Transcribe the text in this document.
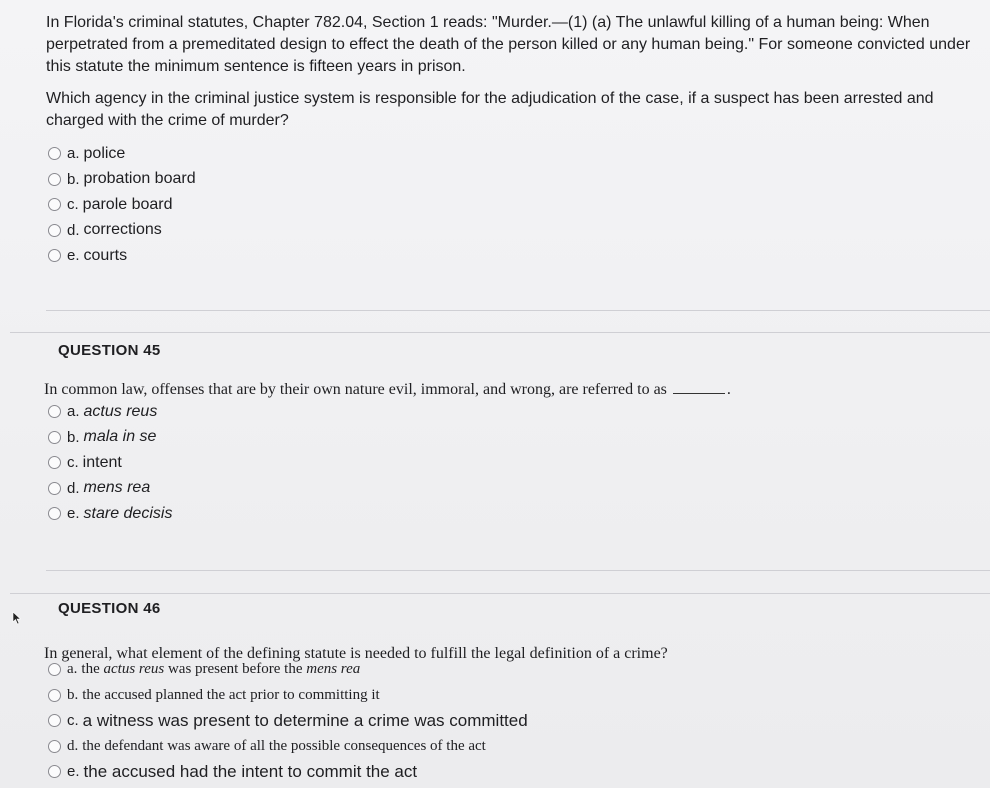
In Florida's criminal statutes, Chapter 782.04, Section 1 reads: "Murder.—(1) (a) The unlawful killing of a human being: When perpetrated from a premeditated design to effect the death of the person killed or any human being." For someone convicted under this statute the minimum sentence is fifteen years in prison.

Which agency in the criminal justice system is responsible for the adjudication of the case, if a suspect has been arrested and charged with the crime of murder?

a. police
b. probation board
c. parole board
d. corrections
e. courts
QUESTION 45
In common law, offenses that are by their own nature evil, immoral, and wrong, are referred to as	.
a. actus reus
b. mala in se
c. intent
d. mens rea
e. stare decisis
QUESTION 46
In general, what element of the defining statute is needed to fulfill the legal definition of a crime?
a. the actus reus was present before the mens rea
b. the accused planned the act prior to committing it
c. a witness was present to determine a crime was committed
d. the defendant was aware of all the possible consequences of the act
e. the accused had the intent to commit the act
